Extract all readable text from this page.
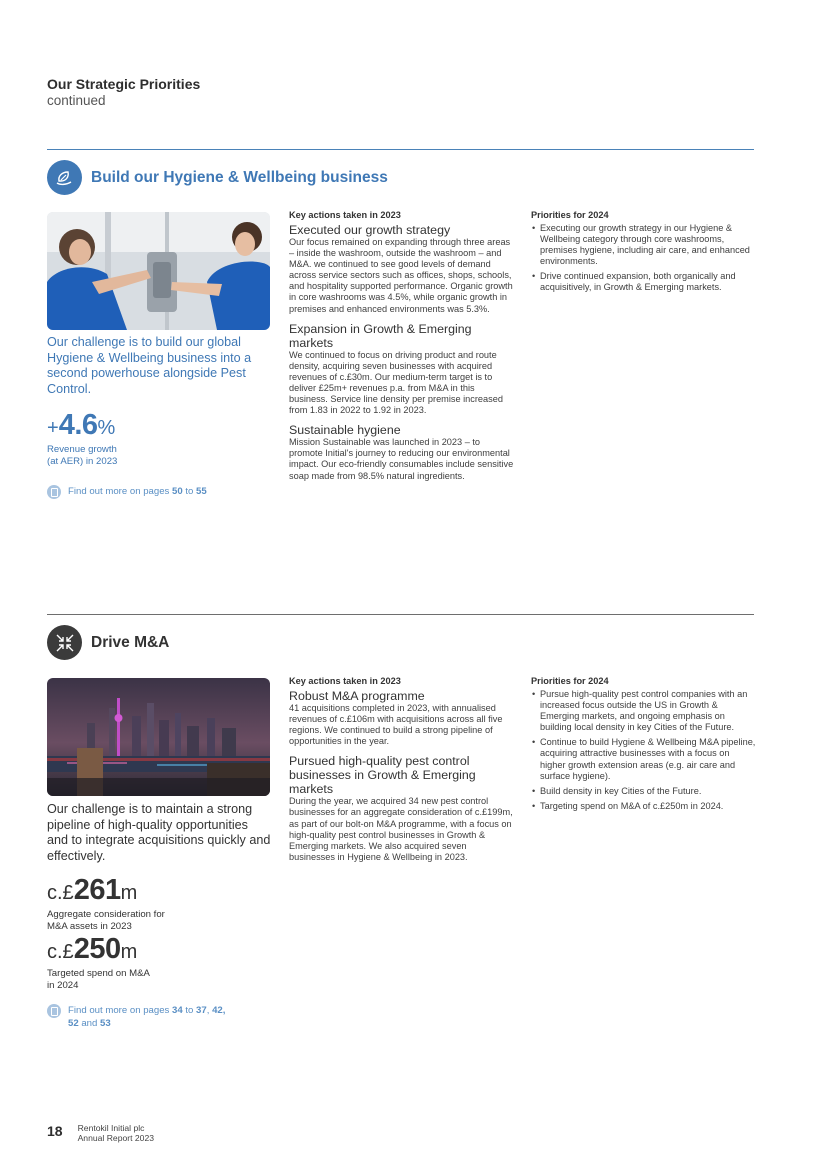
Our Strategic Priorities
continued
Build our Hygiene & Wellbeing business
Our challenge is to build our global Hygiene & Wellbeing business into a second powerhouse alongside Pest Control.
+4.6%
Revenue growth
(at AER) in 2023
Find out more on pages 50 to 55
Key actions taken in 2023
Executed our growth strategy
Our focus remained on expanding through three areas – inside the washroom, outside the washroom – and M&A. we continued to see good levels of demand across service sectors such as offices, shops, schools, and hospitality supported performance. Organic growth in core washrooms was 4.5%, while organic growth in premises and enhanced environments was 5.3%.
Expansion in Growth & Emerging markets
We continued to focus on driving product and route density, acquiring seven businesses with acquired revenues of c.£30m. Our medium-term target is to deliver £25m+ revenues p.a. from M&A in this business. Service line density per premise increased from 1.83 in 2022 to 1.92 in 2023.
Sustainable hygiene
Mission Sustainable was launched in 2023 – to promote Initial's journey to reducing our environmental impact. Our eco-friendly consumables include sensitive soap made from 98.5% natural ingredients.
Priorities for 2024
• Executing our growth strategy in our Hygiene & Wellbeing category through core washrooms, premises hygiene, including air care, and enhanced environments.
• Drive continued expansion, both organically and acquisitively, in Growth & Emerging markets.
Drive M&A
Our challenge is to maintain a strong pipeline of high-quality opportunities and to integrate acquisitions quickly and effectively.
c.£261m
Aggregate consideration for
M&A assets in 2023
c.£250m
Targeted spend on M&A
in 2024
Find out more on pages 34 to 37, 42,
52 and 53
Key actions taken in 2023
Robust M&A programme
41 acquisitions completed in 2023, with annualised revenues of c.£106m with acquisitions across all five regions. We continued to build a strong pipeline of opportunities in the year.
Pursued high-quality pest control businesses in Growth & Emerging markets
During the year, we acquired 34 new pest control businesses for an aggregate consideration of c.£199m, as part of our bolt-on M&A programme, with a focus on high-quality pest control businesses in Growth & Emerging markets. We also acquired seven businesses in Hygiene & Wellbeing in 2023.
Priorities for 2024
• Pursue high-quality pest control companies with an increased focus outside the US in Growth & Emerging markets, and ongoing emphasis on building local density in key Cities of the Future.
• Continue to build Hygiene & Wellbeing M&A pipeline, acquiring attractive businesses with a focus on higher growth extension areas (e.g. air care and surface hygiene).
• Build density in key Cities of the Future.
• Targeting spend on M&A of c.£250m in 2024.
18 Rentokil Initial plc
Annual Report 2023
